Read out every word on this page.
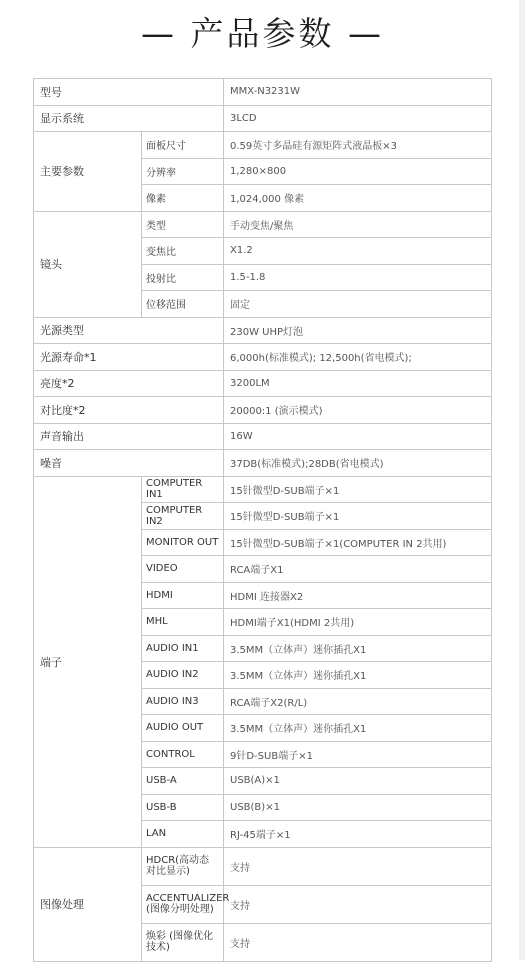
— 产品参数 —
型号		MMX-N3231W
显示系统		3LCD
主要参数	面板尺寸	0.59英寸多晶硅有源矩阵式液晶板×3
	分辨率	1,280×800
	像素	1,024,000 像素
镜头	类型	手动变焦/聚焦
	变焦比	X1.2
	投射比	1.5-1.8
	位移范围	固定
光源类型		230W UHP灯泡
光源寿命*1		6,000h(标准模式); 12,500h(省电模式);
亮度*2		3200LM
对比度*2		20000:1 (演示模式)
声音输出		16W
噪音		37DB(标准模式);28DB(省电模式)
端子	COMPUTER IN1	15针微型D-SUB端子×1
	COMPUTER IN2	15针微型D-SUB端子×1
	MONITOR OUT	15针微型D-SUB端子×1(COMPUTER IN 2共用)
	VIDEO	RCA端子X1
	HDMI	HDMI 连接器X2
	MHL	HDMI端子X1(HDMI 2共用)
	AUDIO IN1	3.5MM（立体声）迷你插孔X1
	AUDIO IN2	3.5MM（立体声）迷你插孔X1
	AUDIO IN3	RCA端子X2(R/L)
	AUDIO OUT	3.5MM（立体声）迷你插孔X1
	CONTROL	9针D-SUB端子×1
	USB-A	USB(A)×1
	USB-B	USB(B)×1
	LAN	RJ-45端子×1
图像处理	HDCR(高动态对比显示)	支持
	ACCENTUALIZER (图像分明处理)	支持
	焕彩 (图像优化技术)	支持
